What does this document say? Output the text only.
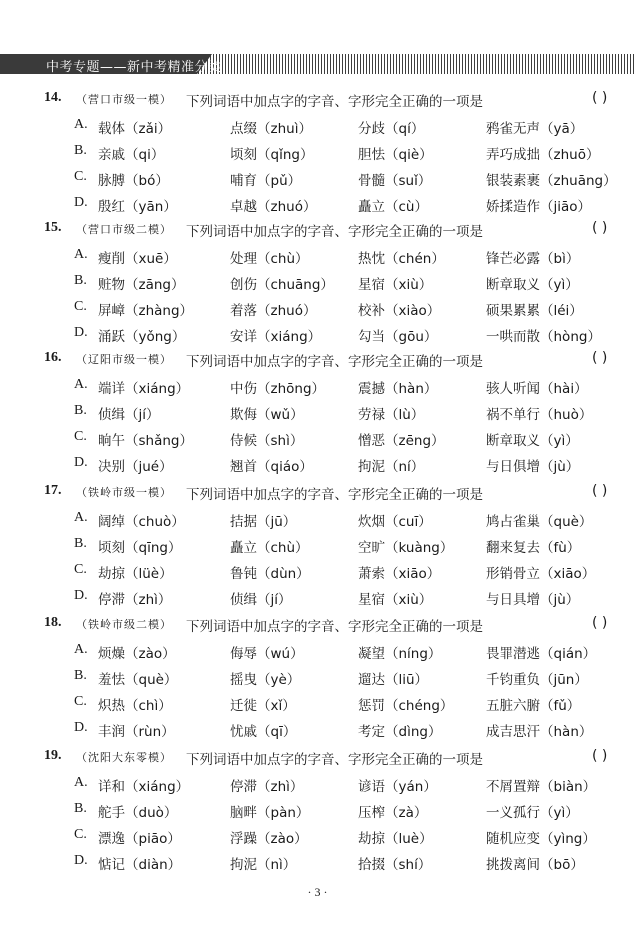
中考专题——新中考精准分类
14. （营口市级一模） 下列词语中加点字的字音、字形完全正确的一项是	( )
A. 载体（zǎi）	点缀（zhuì）	分歧（qí）	鸦雀无声（yā）
B. 亲戚（qi）	顷刻（qǐng）	胆怯（qiè）	弄巧成拙（zhuō）
C. 脉膊（bó）	哺育（pǔ）	骨髓（suǐ）	银装素裹（zhuāng）
D. 殷红（yān）	卓越（zhuó）	矗立（cù）	娇揉造作（jiāo）
15. （营口市级二模） 下列词语中加点字的字音、字形完全正确的一项是	( )
A. 瘦削（xuē）	处理（chù）	热忱（chén）	锋芒必露（bì）
B. 赃物（zāng）	创伤（chuāng） 星宿（xiù）	断章取义（yì）
C. 屏嶂（zhàng）	着落（zhuó）	校补（xiào）	硕果累累（léi）
D. 涌跃（yǒng）	安详（xiáng）	勾当（gōu）	一哄而散（hòng）
16. （辽阳市级一模） 下列词语中加点字的字音、字形完全正确的一项是	( )
A. 端详（xiáng）	中伤（zhōng） 震撼（hàn）	骇人听闻（hài）
B. 侦缉（jí）	欺侮（wǔ）	劳禄（lù）	祸不单行（huò）
C. 晌午（shǎng）	侍候（shì）	憎恶（zēng）	断章取义（yì）
D. 决别（jué）	翘首（qiáo）	拘泥（ní）	与日俱增（jù）
17. （铁岭市级一模） 下列词语中加点字的字音、字形完全正确的一项是	( )
A. 阔绰（chuò）	拮据（jū）	炊烟（cuī）	鸠占雀巢（què）
B. 顷刻（qīng）	矗立（chù）	空旷（kuàng） 翻来复去（fù）
C. 劫掠（lüè）	鲁钝（dùn）	萧索（xiāo）	形销骨立（xiāo）
D. 停滞（zhì）	侦缉（jí）	星宿（xiù）	与日具增（jù）
18. （铁岭市级二模） 下列词语中加点字的字音、字形完全正确的一项是	( )
A. 烦燥（zào）	侮辱（wú）	凝望（níng）	畏罪潜逃（qián）
B. 羞怯（què）	摇曳（yè）	遛达（liū）	千钧重负（jūn）
C. 炽热（chì）	迁徙（xǐ）	惩罚（chéng） 五脏六腑（fǔ）
D. 丰润（rùn）	忧戚（qī）	考定（dìng）	成吉思汗（hàn）
19. （沈阳大东零模） 下列词语中加点字的字音、字形完全正确的一项是	( )
A. 详和（xiáng）	停滞（zhì）	谚语（yán）	不屑置辩（biàn）
B. 舵手（duò）	脑畔（pàn）	压榨（zà）	一义孤行（yì）
C. 漂逸（piāo）	浮躁（zào）	劫掠（luè）	随机应变（yìng）
D. 惦记（diàn）	拘泥（nì）	拾掇（shí）	挑拨离间（bō）
· 3 ·
